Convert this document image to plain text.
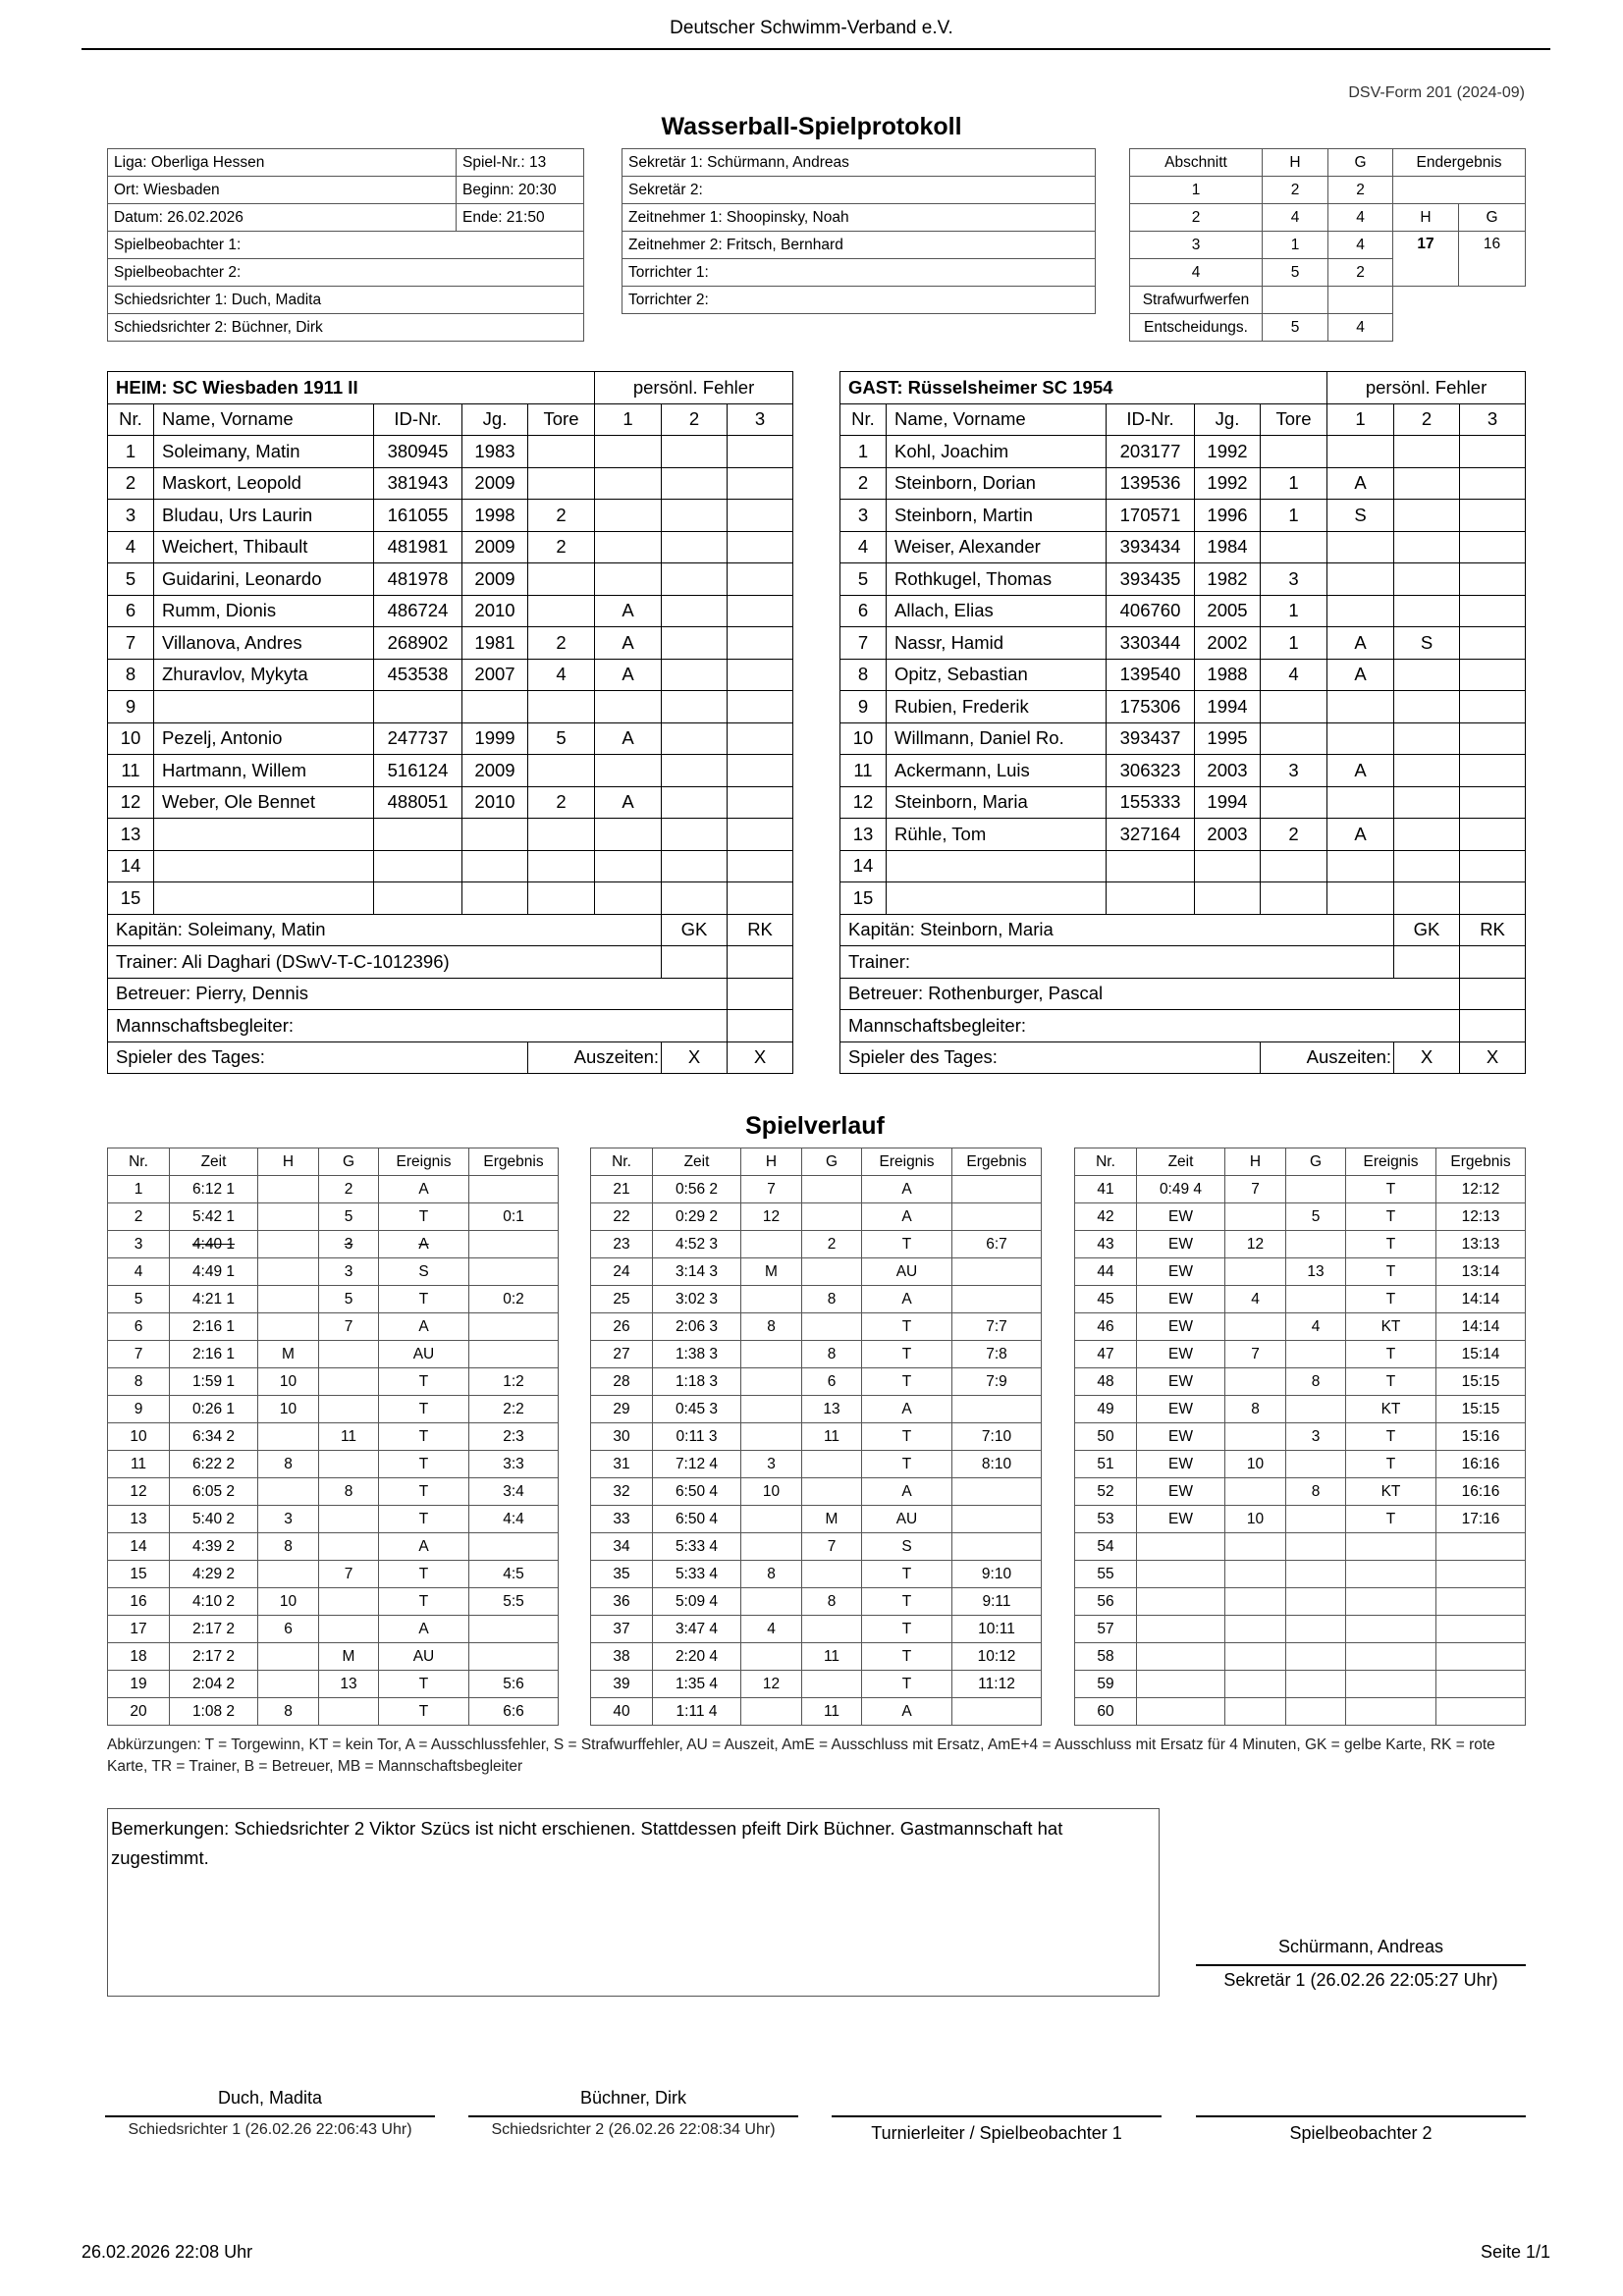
Deutscher Schwimm-Verband e.V.
DSV-Form 201 (2024-09)
Wasserball-Spielprotokoll
Liga: Oberliga Hessen	Spiel-Nr.: 13
Ort: Wiesbaden	Beginn: 20:30
Datum: 26.02.2026	Ende: 21:50
Spielbeobachter 1:	
Spielbeobachter 2:	
Schiedsrichter 1: Duch, Madita	
Schiedsrichter 2: Büchner, Dirk	
Sekretär 1: Schürmann, Andreas
Sekretär 2:
Zeitnehmer 1: Shoopinsky, Noah
Zeitnehmer 2: Fritsch, Bernhard
Torrichter 1:
Torrichter 2:
Abschnitt	H	G	Endergebnis	
1	2	2		
2	4	4	H	G
3	1	4	17	16
4	5	2		
Strafwurfwerfen				
Entscheidungs.	5	4		
HEIM: SC Wiesbaden 1911 II					persönl. Fehler		
Nr.	Name, Vorname	ID-Nr.	Jg.	Tore	1	2	3
1	Soleimany, Matin	380945	1983				
2	Maskort, Leopold	381943	2009				
3	Bludau, Urs Laurin	161055	1998	2			
4	Weichert, Thibault	481981	2009	2			
5	Guidarini, Leonardo	481978	2009				
6	Rumm, Dionis	486724	2010		A		
7	Villanova, Andres	268902	1981	2	A		
8	Zhuravlov, Mykyta	453538	2007	4	A		
9							
10	Pezelj, Antonio	247737	1999	5	A		
11	Hartmann, Willem	516124	2009				
12	Weber, Ole Bennet	488051	2010	2	A		
13							
14							
15							
Kapitän: Soleimany, Matin						GK	RK
Trainer: Ali Daghari (DSwV-T-C-1012396)							
Betreuer: Pierry, Dennis							
Mannschaftsbegleiter:							
Spieler des Tages:				Auszeiten:		X	X
GAST: Rüsselsheimer SC 1954					persönl. Fehler		
Nr.	Name, Vorname	ID-Nr.	Jg.	Tore	1	2	3
1	Kohl, Joachim	203177	1992				
2	Steinborn, Dorian	139536	1992	1	A		
3	Steinborn, Martin	170571	1996	1	S		
4	Weiser, Alexander	393434	1984				
5	Rothkugel, Thomas	393435	1982	3			
6	Allach, Elias	406760	2005	1			
7	Nassr, Hamid	330344	2002	1	A	S	
8	Opitz, Sebastian	139540	1988	4	A		
9	Rubien, Frederik	175306	1994				
10	Willmann, Daniel Ro.	393437	1995				
11	Ackermann, Luis	306323	2003	3	A		
12	Steinborn, Maria	155333	1994				
13	Rühle, Tom	327164	2003	2	A		
14							
15							
Kapitän: Steinborn, Maria						GK	RK
Trainer:							
Betreuer: Rothenburger, Pascal							
Mannschaftsbegleiter:							
Spieler des Tages:				Auszeiten:		X	X
Spielverlauf
Nr.	Zeit	H	G	Ereignis	Ergebnis
1	6:12 1		2	A	
2	5:42 1		5	T	0:1
3	4:40 1		3	A	
4	4:49 1		3	S	
5	4:21 1		5	T	0:2
6	2:16 1		7	A	
7	2:16 1	M		AU	
8	1:59 1	10		T	1:2
9	0:26 1	10		T	2:2
10	6:34 2		11	T	2:3
11	6:22 2	8		T	3:3
12	6:05 2		8	T	3:4
13	5:40 2	3		T	4:4
14	4:39 2	8		A	
15	4:29 2		7	T	4:5
16	4:10 2	10		T	5:5
17	2:17 2	6		A	
18	2:17 2		M	AU	
19	2:04 2		13	T	5:6
20	1:08 2	8		T	6:6
Nr.	Zeit	H	G	Ereignis	Ergebnis
21	0:56 2	7		A	
22	0:29 2	12		A	
23	4:52 3		2	T	6:7
24	3:14 3	M		AU	
25	3:02 3		8	A	
26	2:06 3	8		T	7:7
27	1:38 3		8	T	7:8
28	1:18 3		6	T	7:9
29	0:45 3		13	A	
30	0:11 3		11	T	7:10
31	7:12 4	3		T	8:10
32	6:50 4	10		A	
33	6:50 4		M	AU	
34	5:33 4		7	S	
35	5:33 4	8		T	9:10
36	5:09 4		8	T	9:11
37	3:47 4	4		T	10:11
38	2:20 4		11	T	10:12
39	1:35 4	12		T	11:12
40	1:11 4		11	A	
Nr.	Zeit	H	G	Ereignis	Ergebnis
41	0:49 4	7		T	12:12
42	EW		5	T	12:13
43	EW	12		T	13:13
44	EW		13	T	13:14
45	EW	4		T	14:14
46	EW		4	KT	14:14
47	EW	7		T	15:14
48	EW		8	T	15:15
49	EW	8		KT	15:15
50	EW		3	T	15:16
51	EW	10		T	16:16
52	EW		8	KT	16:16
53	EW	10		T	17:16
54					
55					
56					
57					
58					
59					
60					
Abkürzungen: T = Torgewinn, KT = kein Tor, A = Ausschlussfehler, S = Strafwurffehler, AU = Auszeit, AmE = Ausschluss mit Ersatz, AmE+4 = Ausschluss mit Ersatz für 4 Minuten, GK = gelbe Karte, RK = rote Karte, TR = Trainer, B = Betreuer, MB = Mannschaftsbegleiter
Bemerkungen: Schiedsrichter 2 Viktor Szücs ist nicht erschienen. Stattdessen pfeift Dirk Büchner. Gastmannschaft hat zugestimmt.
Schürmann, Andreas
Sekretär 1 (26.02.26 22:05:27 Uhr)
Duch, Madita
Schiedsrichter 1 (26.02.26 22:06:43 Uhr)
Büchner, Dirk
Schiedsrichter 2 (26.02.26 22:08:34 Uhr)	Turnierleiter / Spielbeobachter 1	Spielbeobachter 2
26.02.2026 22:08 Uhr	Seite 1/1
